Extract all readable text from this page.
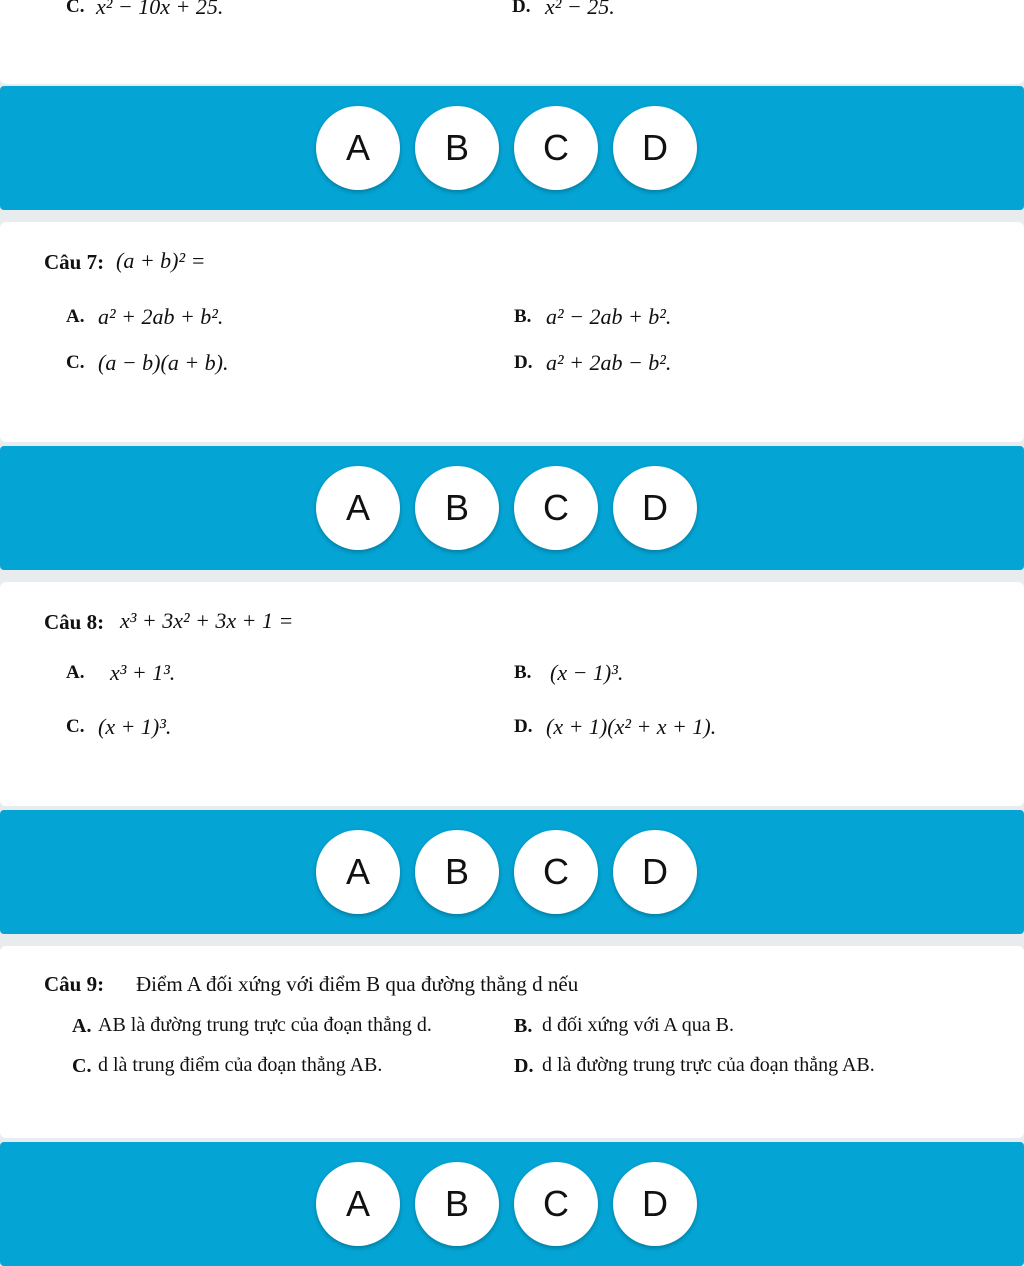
C. x² − 10x + 25.	D. x² − 25.
A	B	C	D
Câu 7: (a + b)² =
A. a² + 2ab + b².	B. a² − 2ab + b².
C. (a − b)(a + b).	D. a² + 2ab − b².
A	B	C	D
Câu 8: x³ + 3x² + 3x + 1 =
A. x³ + 1³.	B. (x − 1)³.
C. (x + 1)³.	D. (x + 1)(x² + x + 1).
A	B	C	D
Câu 9: Điểm A đối xứng với điểm B qua đường thẳng d nếu
A. AB là đường trung trực của đoạn thẳng d.	B. d đối xứng với A qua B.
C. d là trung điểm của đoạn thẳng AB.	D. d là đường trung trực của đoạn thẳng AB.
A	B	C	D
